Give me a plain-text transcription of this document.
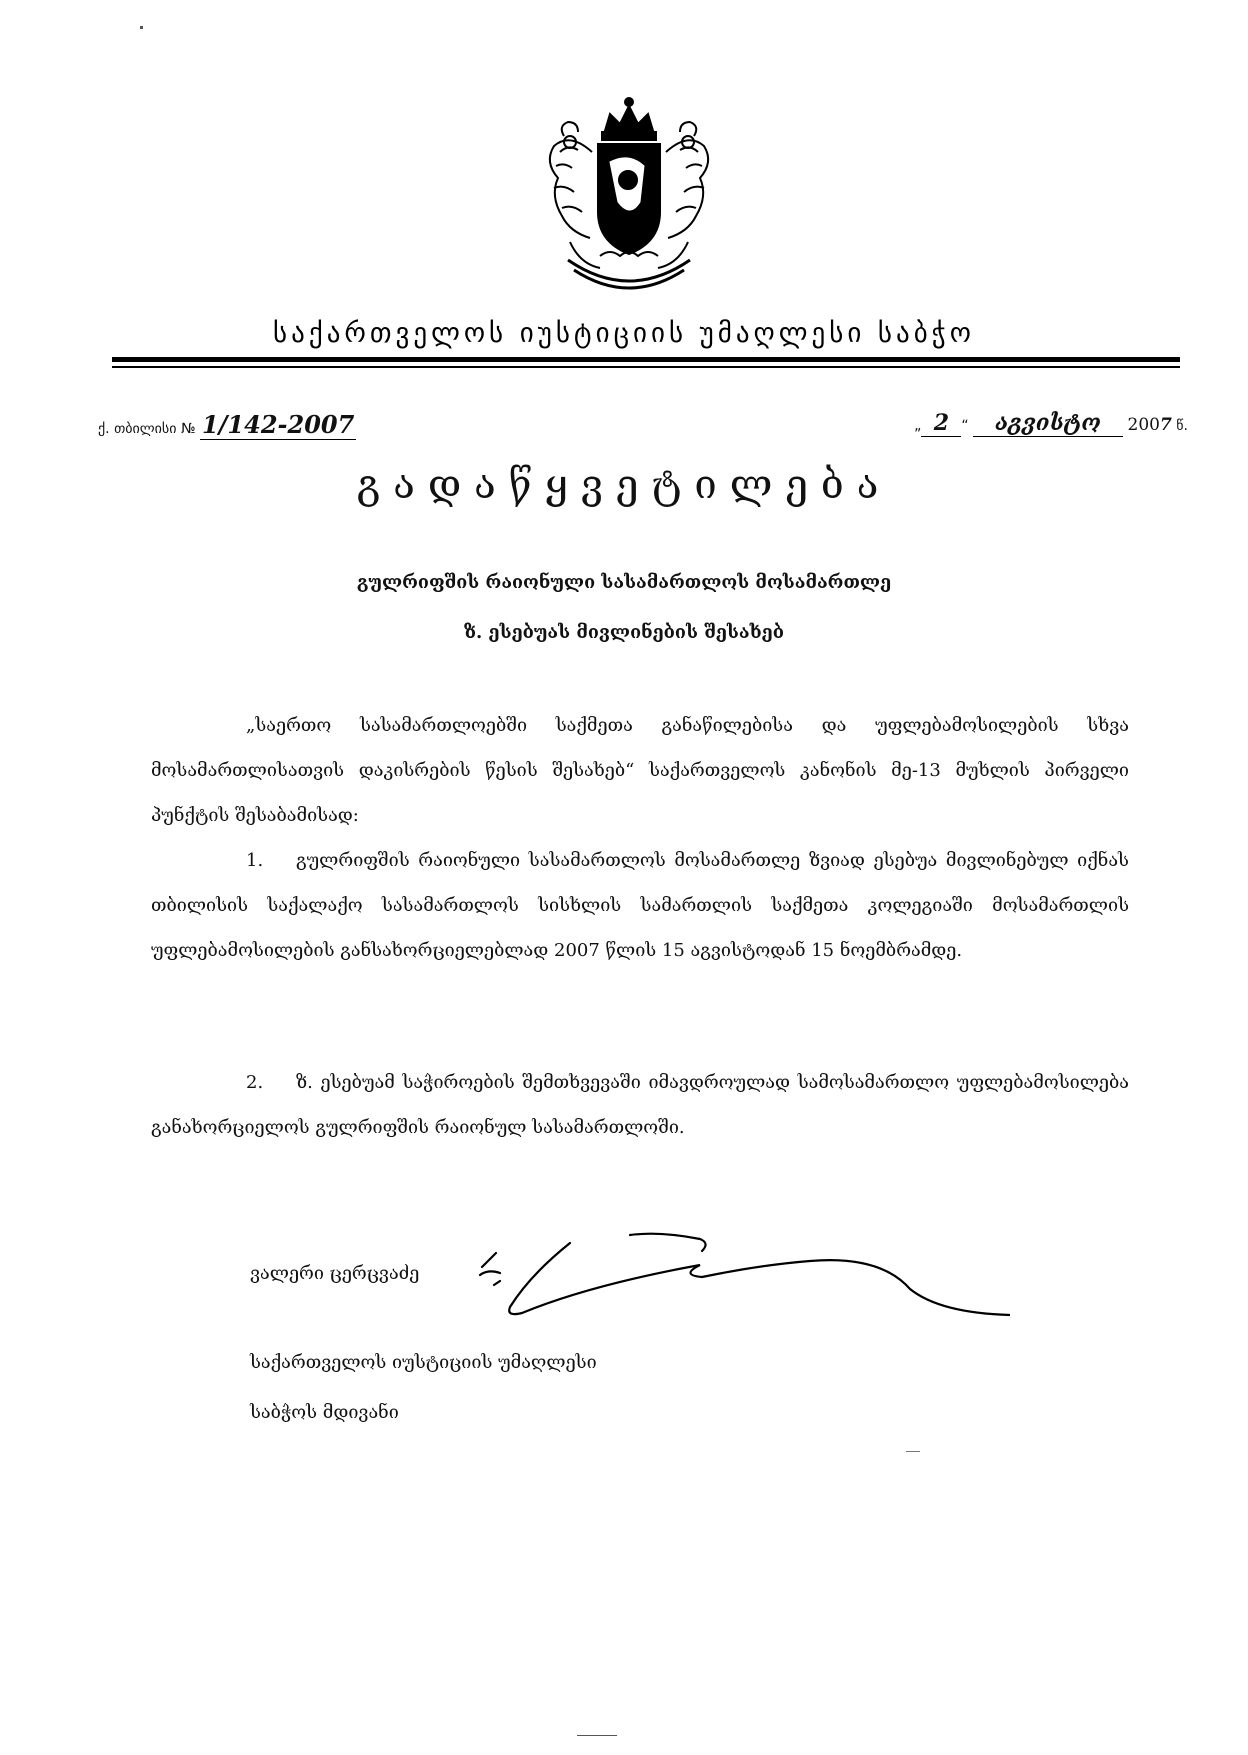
საქართველოს იუსტიციის უმაღლესი საბჭო
ქ. თბილისი № 1/142-2007	„ 2 “ აგვისტო 2007 წ.
გადაწყვეტილება
გულრიფშის რაიონული სასამართლოს მოსამართლე
ზ. ესებუას მივლინების შესახებ
„საერთო სასამართლოებში საქმეთა განაწილებისა და უფლებამოსილების სხვა მოსამართლისათვის დაკისრების წესის შესახებ“ საქართველოს კანონის მე-13 მუხლის პირველი პუნქტის შესაბამისად:
1. გულრიფშის რაიონული სასამართლოს მოსამართლე ზვიად ესებუა მივლინებულ იქნას თბილისის საქალაქო სასამართლოს სისხლის სამართლის საქმეთა კოლეგიაში მოსამართლის უფლებამოსილების განსახორციელებლად 2007 წლის 15 აგვისტოდან 15 ნოემბრამდე.
2. ზ. ესებუამ საჭიროების შემთხვევაში იმავდროულად სამოსამართლო უფლებამოსილება განახორციელოს გულრიფშის რაიონულ სასამართლოში.
ვალერი ცერცვაძე
საქართველოს იუსტიციის უმაღლესი
საბჭოს მდივანი
